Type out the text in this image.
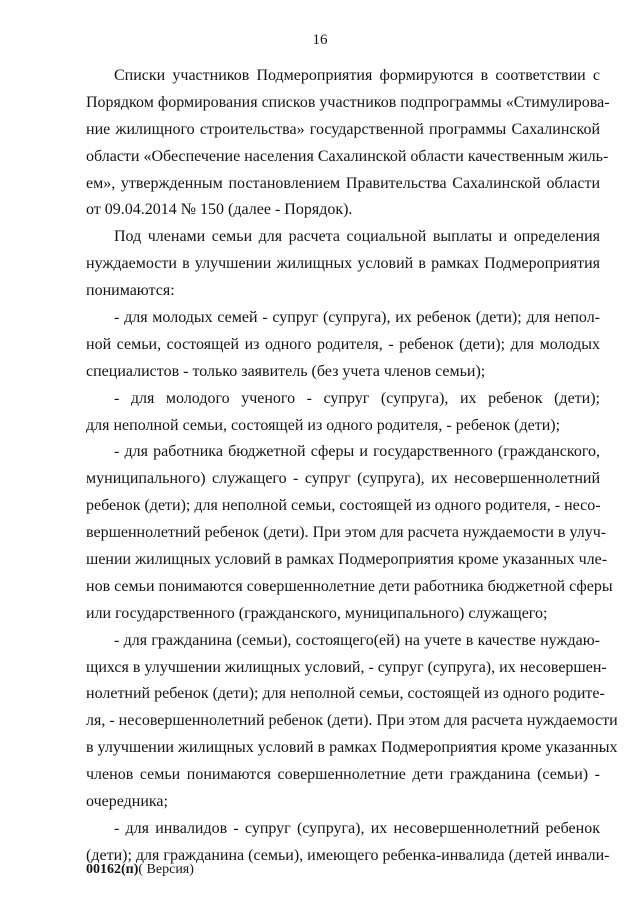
16
Списки участников Подмероприятия формируются в соответствии с
Порядком формирования списков участников подпрограммы «Стимулирова-
ние жилищного строительства» государственной программы Сахалинской
области «Обеспечение населения Сахалинской области качественным жиль-
ем», утвержденным постановлением Правительства Сахалинской области
от 09.04.2014 № 150 (далее - Порядок).
Под членами семьи для расчета социальной выплаты и определения
нуждаемости в улучшении жилищных условий в рамках Подмероприятия
понимаются:
- для молодых семей - супруг (супруга), их ребенок (дети); для непол-
ной семьи, состоящей из одного родителя, - ребенок (дети); для молодых
специалистов - только заявитель (без учета членов семьи);
- для молодого ученого - супруг (супруга), их ребенок (дети);
для неполной семьи, состоящей из одного родителя, - ребенок (дети);
- для работника бюджетной сферы и государственного (гражданского,
муниципального) служащего - супруг (супруга), их несовершеннолетний
ребенок (дети); для неполной семьи, состоящей из одного родителя, - несо-
вершеннолетний ребенок (дети). При этом для расчета нуждаемости в улуч-
шении жилищных условий в рамках Подмероприятия кроме указанных чле-
нов семьи понимаются совершеннолетние дети работника бюджетной сферы
или государственного (гражданского, муниципального) служащего;
- для гражданина (семьи), состоящего(ей) на учете в качестве нуждаю-
щихся в улучшении жилищных условий, - супруг (супруга), их несовершен-
нолетний ребенок (дети); для неполной семьи, состоящей из одного родите-
ля, - несовершеннолетний ребенок (дети). При этом для расчета нуждаемости
в улучшении жилищных условий в рамках Подмероприятия кроме указанных
членов семьи понимаются совершеннолетние дети гражданина (семьи) -
очередника;
- для инвалидов - супруг (супруга), их несовершеннолетний ребенок
(дети); для гражданина (семьи), имеющего ребенка-инвалида (детей инвали-
00162(п)( Версия)
